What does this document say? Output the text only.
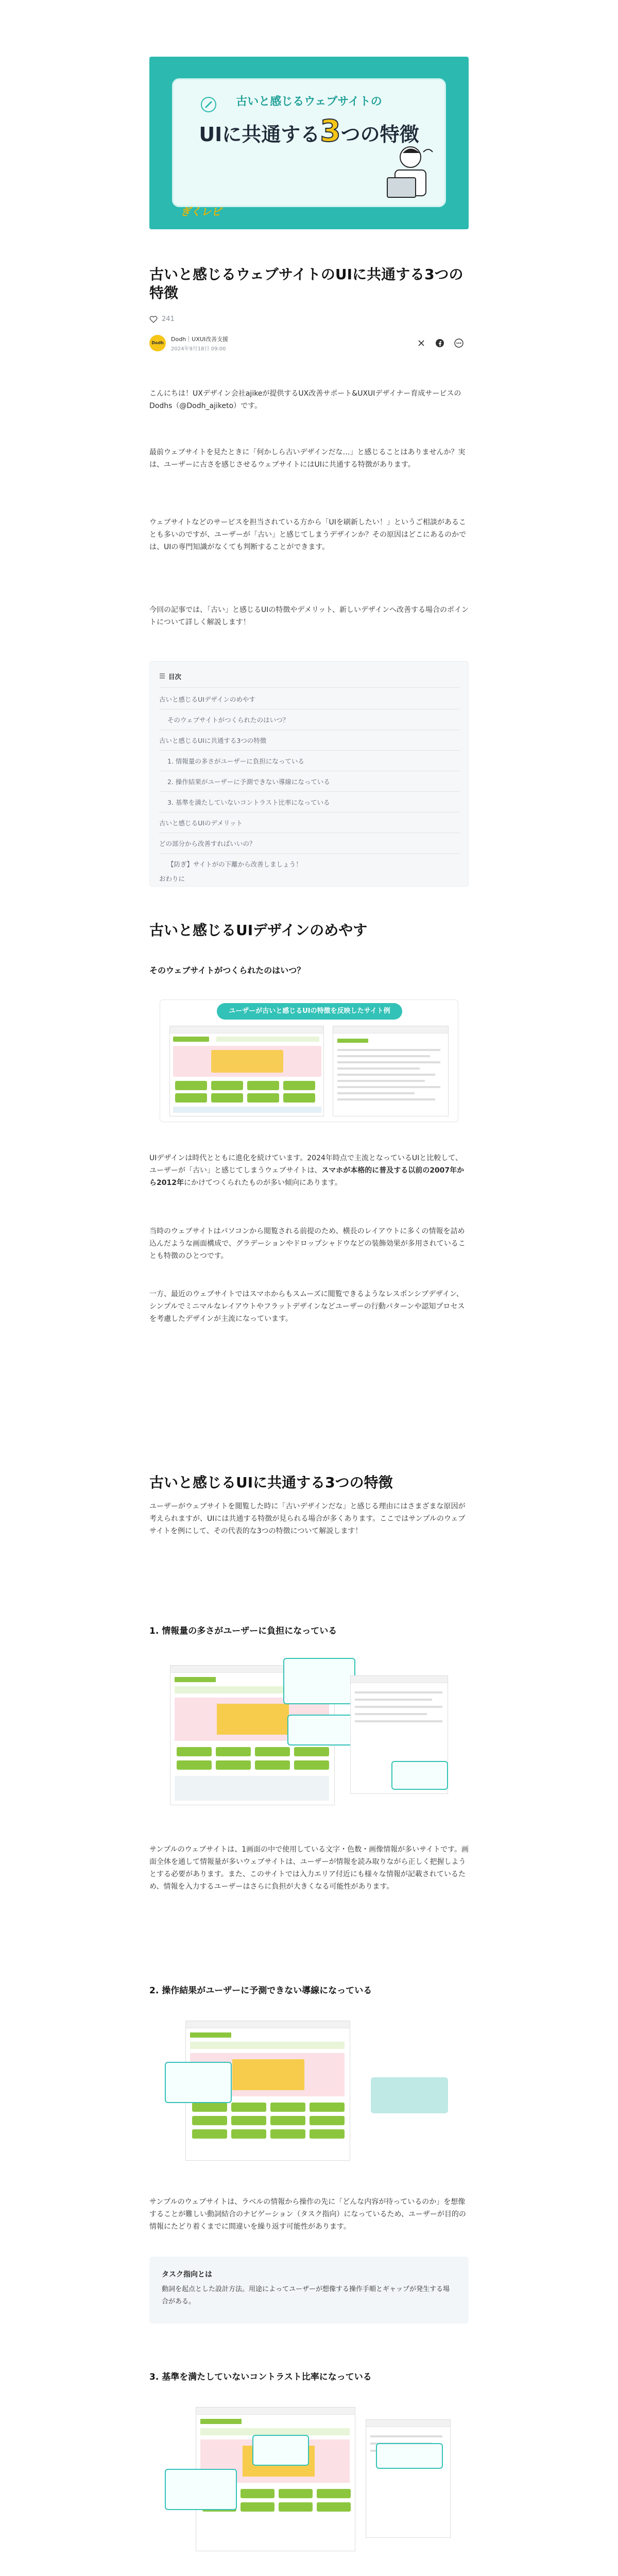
古いと感じるウェブサイトの
UIに共通する3つの特徴
ぎくレビ
古いと感じるウェブサイトのUIに共通する3つの特徴
241
Dodh
Dodh｜UXUI改善支援
2024年9月18日 09:00
こんにちは！UXデザイン会社ajikeが提供するUX改善サポート&UXUIデザイナー育成サービスのDodhs（@Dodh_ajiketo）です。
最前ウェブサイトを見たときに「何かしら古いデザインだな…」と感じることはありませんか？実は、ユーザーに古さを感じさせるウェブサイトにはUIに共通する特徴があります。
ウェブサイトなどのサービスを担当されている方から「UIを刷新したい！」というご相談があることも多いのですが、ユーザーが「古い」と感じてしまうデザインか？その原因はどこにあるのかでは、UIの専門知識がなくても判断することができます。
今回の記事では、「古い」と感じるUIの特徴やデメリット、新しいデザインへ改善する場合のポイントについて詳しく解説します！
目次
古いと感じるUIデザインのめやす
そのウェブサイトがつくられたのはいつ？
古いと感じるUIに共通する3つの特徴
1. 情報量の多さがユーザーに負担になっている
2. 操作結果がユーザーに予測できない導線になっている
3. 基準を満たしていないコントラスト比率になっている
古いと感じるUIのデメリット
どの部分から改善すればいいの？
【防ぎ】サイトがの下離から改善しましょう！
おわりに
古いと感じるUIデザインのめやす
そのウェブサイトがつくられたのはいつ？
ユーザーが古いと感じるUIの特徴を反映したサイト例
UIデザインは時代とともに進化を続けています。2024年時点で主流となっているUIと比較して、ユーザーが「古い」と感じてしまうウェブサイトは、スマホが本格的に普及する以前の2007年から2012年にかけてつくられたものが多い傾向にあります。
当時のウェブサイトはパソコンから閲覧される前提のため、横長のレイアウトに多くの情報を詰め込んだような画面構成で、グラデーションやドロップシャドウなどの装飾効果が多用されていることも特徴のひとつです。
一方、最近のウェブサイトではスマホからもスムーズに閲覧できるようなレスポンシブデザイン、シンプルでミニマルなレイアウトやフラットデザインなどユーザーの行動パターンや認知プロセスを考慮したデザインが主流になっています。
古いと感じるUIに共通する3つの特徴
ユーザーがウェブサイトを閲覧した時に「古いデザインだな」と感じる理由にはさまざまな原因が考えられますが、UIには共通する特徴が見られる場合が多くあります。ここではサンプルのウェブサイトを例にして、その代表的な3つの特徴について解説します！
1. 情報量の多さがユーザーに負担になっている
サンプルのウェブサイトは、1画面の中で使用している文字・色数・画像情報が多いサイトです。画面全体を通して情報量が多いウェブサイトは、ユーザーが情報を読み取りながら正しく把握しようとする必要があります。また、このサイトでは入力エリア付近にも様々な情報が記載されているため、情報を入力するユーザーはさらに負担が大きくなる可能性があります。
2. 操作結果がユーザーに予測できない導線になっている
サンプルのウェブサイトは、ラベルの情報から操作の先に「どんな内容が待っているのか」を想像することが難しい動詞結合のナビゲーション（タスク指向）になっているため、ユーザーが目的の情報にたどり着くまでに間違いを繰り返す可能性があります。
タスク指向とは
動詞を起点とした設計方法。用途によってユーザーが想像する操作手順とギャップが発生する場合がある。
3. 基準を満たしていないコントラスト比率になっている
